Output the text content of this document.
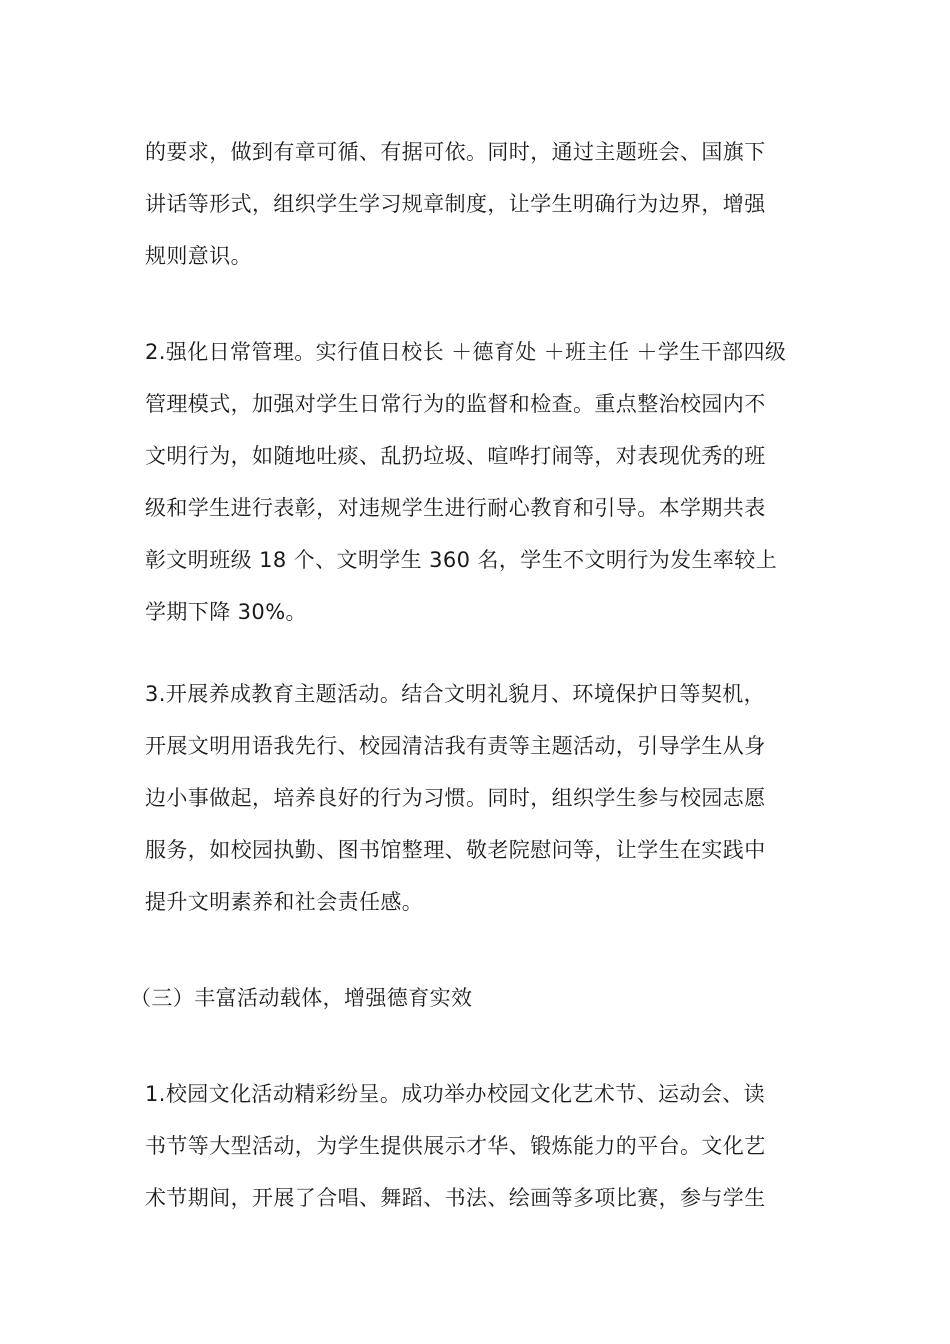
的要求，做到有章可循、有据可依。同时，通过主题班会、国旗下
讲话等形式，组织学生学习规章制度，让学生明确行为边界，增强
规则意识。

2.强化日常管理。实行值日校长 ＋德育处 ＋班主任 ＋学生干部四级
管理模式，加强对学生日常行为的监督和检查。重点整治校园内不
文明行为，如随地吐痰、乱扔垃圾、喧哗打闹等，对表现优秀的班
级和学生进行表彰，对违规学生进行耐心教育和引导。本学期共表
彰文明班级 18 个、文明学生 360 名，学生不文明行为发生率较上
学期下降 30%。

3.开展养成教育主题活动。结合文明礼貌月、环境保护日等契机，
开展文明用语我先行、校园清洁我有责等主题活动，引导学生从身
边小事做起，培养良好的行为习惯。同时，组织学生参与校园志愿
服务，如校园执勤、图书馆整理、敬老院慰问等，让学生在实践中
提升文明素养和社会责任感。

（三）丰富活动载体，增强德育实效

1.校园文化活动精彩纷呈。成功举办校园文化艺术节、运动会、读
书节等大型活动，为学生提供展示才华、锻炼能力的平台。文化艺
术节期间，开展了合唱、舞蹈、书法、绘画等多项比赛，参与学生
